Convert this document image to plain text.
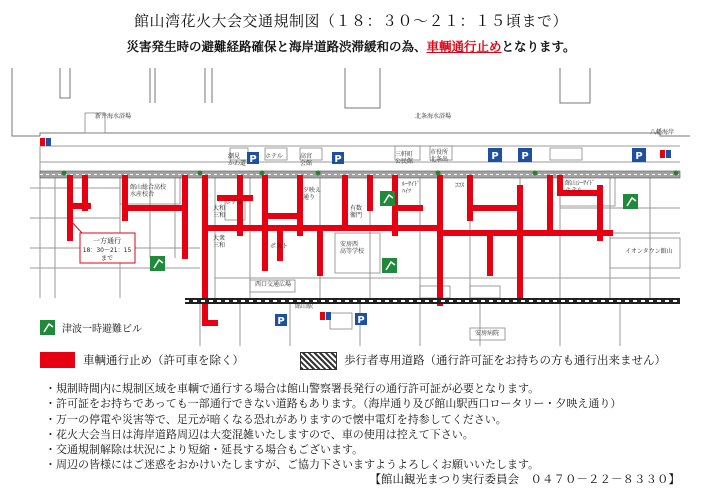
館山湾花火大会交通規制図（１８：３０～２１：１５頃まで）
災害発生時の避難経路確保と海岸道路渋滞緩和の為、車輌通行止めとなります。
P	P	P P	P
P	P
新井海水浴場	北条海水浴場
八幡海岸
館山総合高校水産校舎
安房西高等学校	イオンタウン館山
館山駅
西口交通広場
安房病院
大和三和
大衆三和	ポスト
夕映え通り
ホテル
潮見かわ道
有数衛門
高宮会館
三軒町公民館
ホテル
市役所北条出
館山ｼｰｻｲﾄﾞホテル
ﾙｰｻｲﾄﾞﾊｲﾂ
ｺｺｽ
一方通行
18：30～21：15
まで
津波一時避難ビル
車輌通行止め（許可車を除く）	歩行者専用道路（通行許可証をお持ちの方も通行出来ません）
・規制時間内に規制区域を車輌で通行する場合は館山警察署長発行の通行許可証が必要となります。
・許可証をお持ちであっても一部通行できない道路もあります。（海岸通り及び館山駅西口ロータリー・夕映え通り）
・万一の停電や災害等で、足元が暗くなる恐れがありますので懐中電灯を持参してください。
・花火大会当日は海岸道路周辺は大変混雑いたしますので、車の使用は控えて下さい。
・交通規制解除は状況により短縮・延長する場合もございます。
・周辺の皆様にはご迷惑をおかけいたしますが、ご協力下さいますようよろしくお願いいたします。
【館山観光まつり実行委員会　０４７０－２２－８３３０】
